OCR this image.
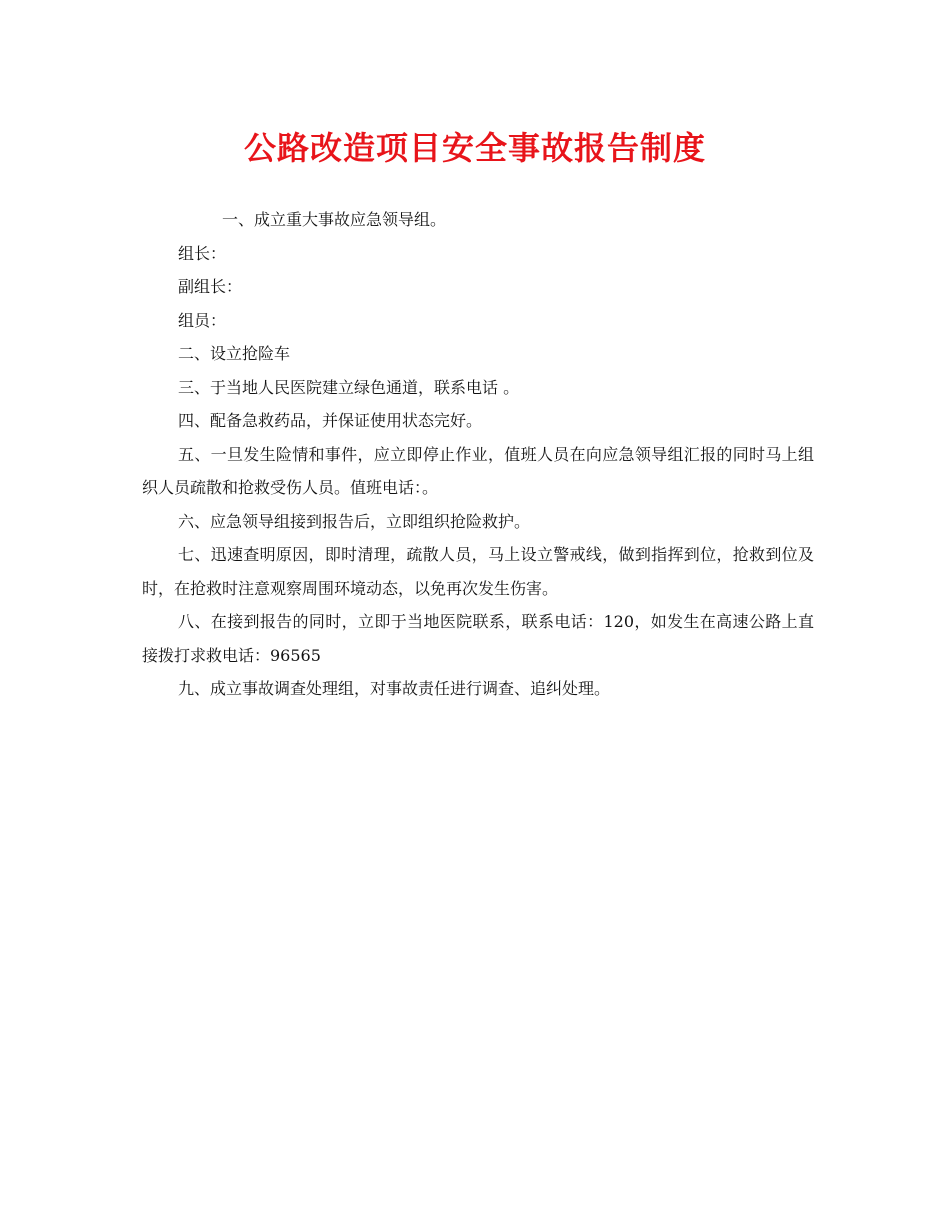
公路改造项目安全事故报告制度

一、成立重大事故应急领导组。

组长：

副组长：

组员：

二、设立抢险车

三、于当地人民医院建立绿色通道，联系电话 。

四、配备急救药品，并保证使用状态完好。

五、一旦发生险情和事件，应立即停止作业，值班人员在向应急领导组汇报的同时马上组织人员疏散和抢救受伤人员。值班电话：。

六、应急领导组接到报告后，立即组织抢险救护。

七、迅速查明原因，即时清理，疏散人员，马上设立警戒线，做到指挥到位，抢救到位及时，在抢救时注意观察周围环境动态，以免再次发生伤害。

八、在接到报告的同时，立即于当地医院联系，联系电话：120，如发生在高速公路上直接拨打求救电话：96565

九、成立事故调查处理组，对事故责任进行调查、追纠处理。
